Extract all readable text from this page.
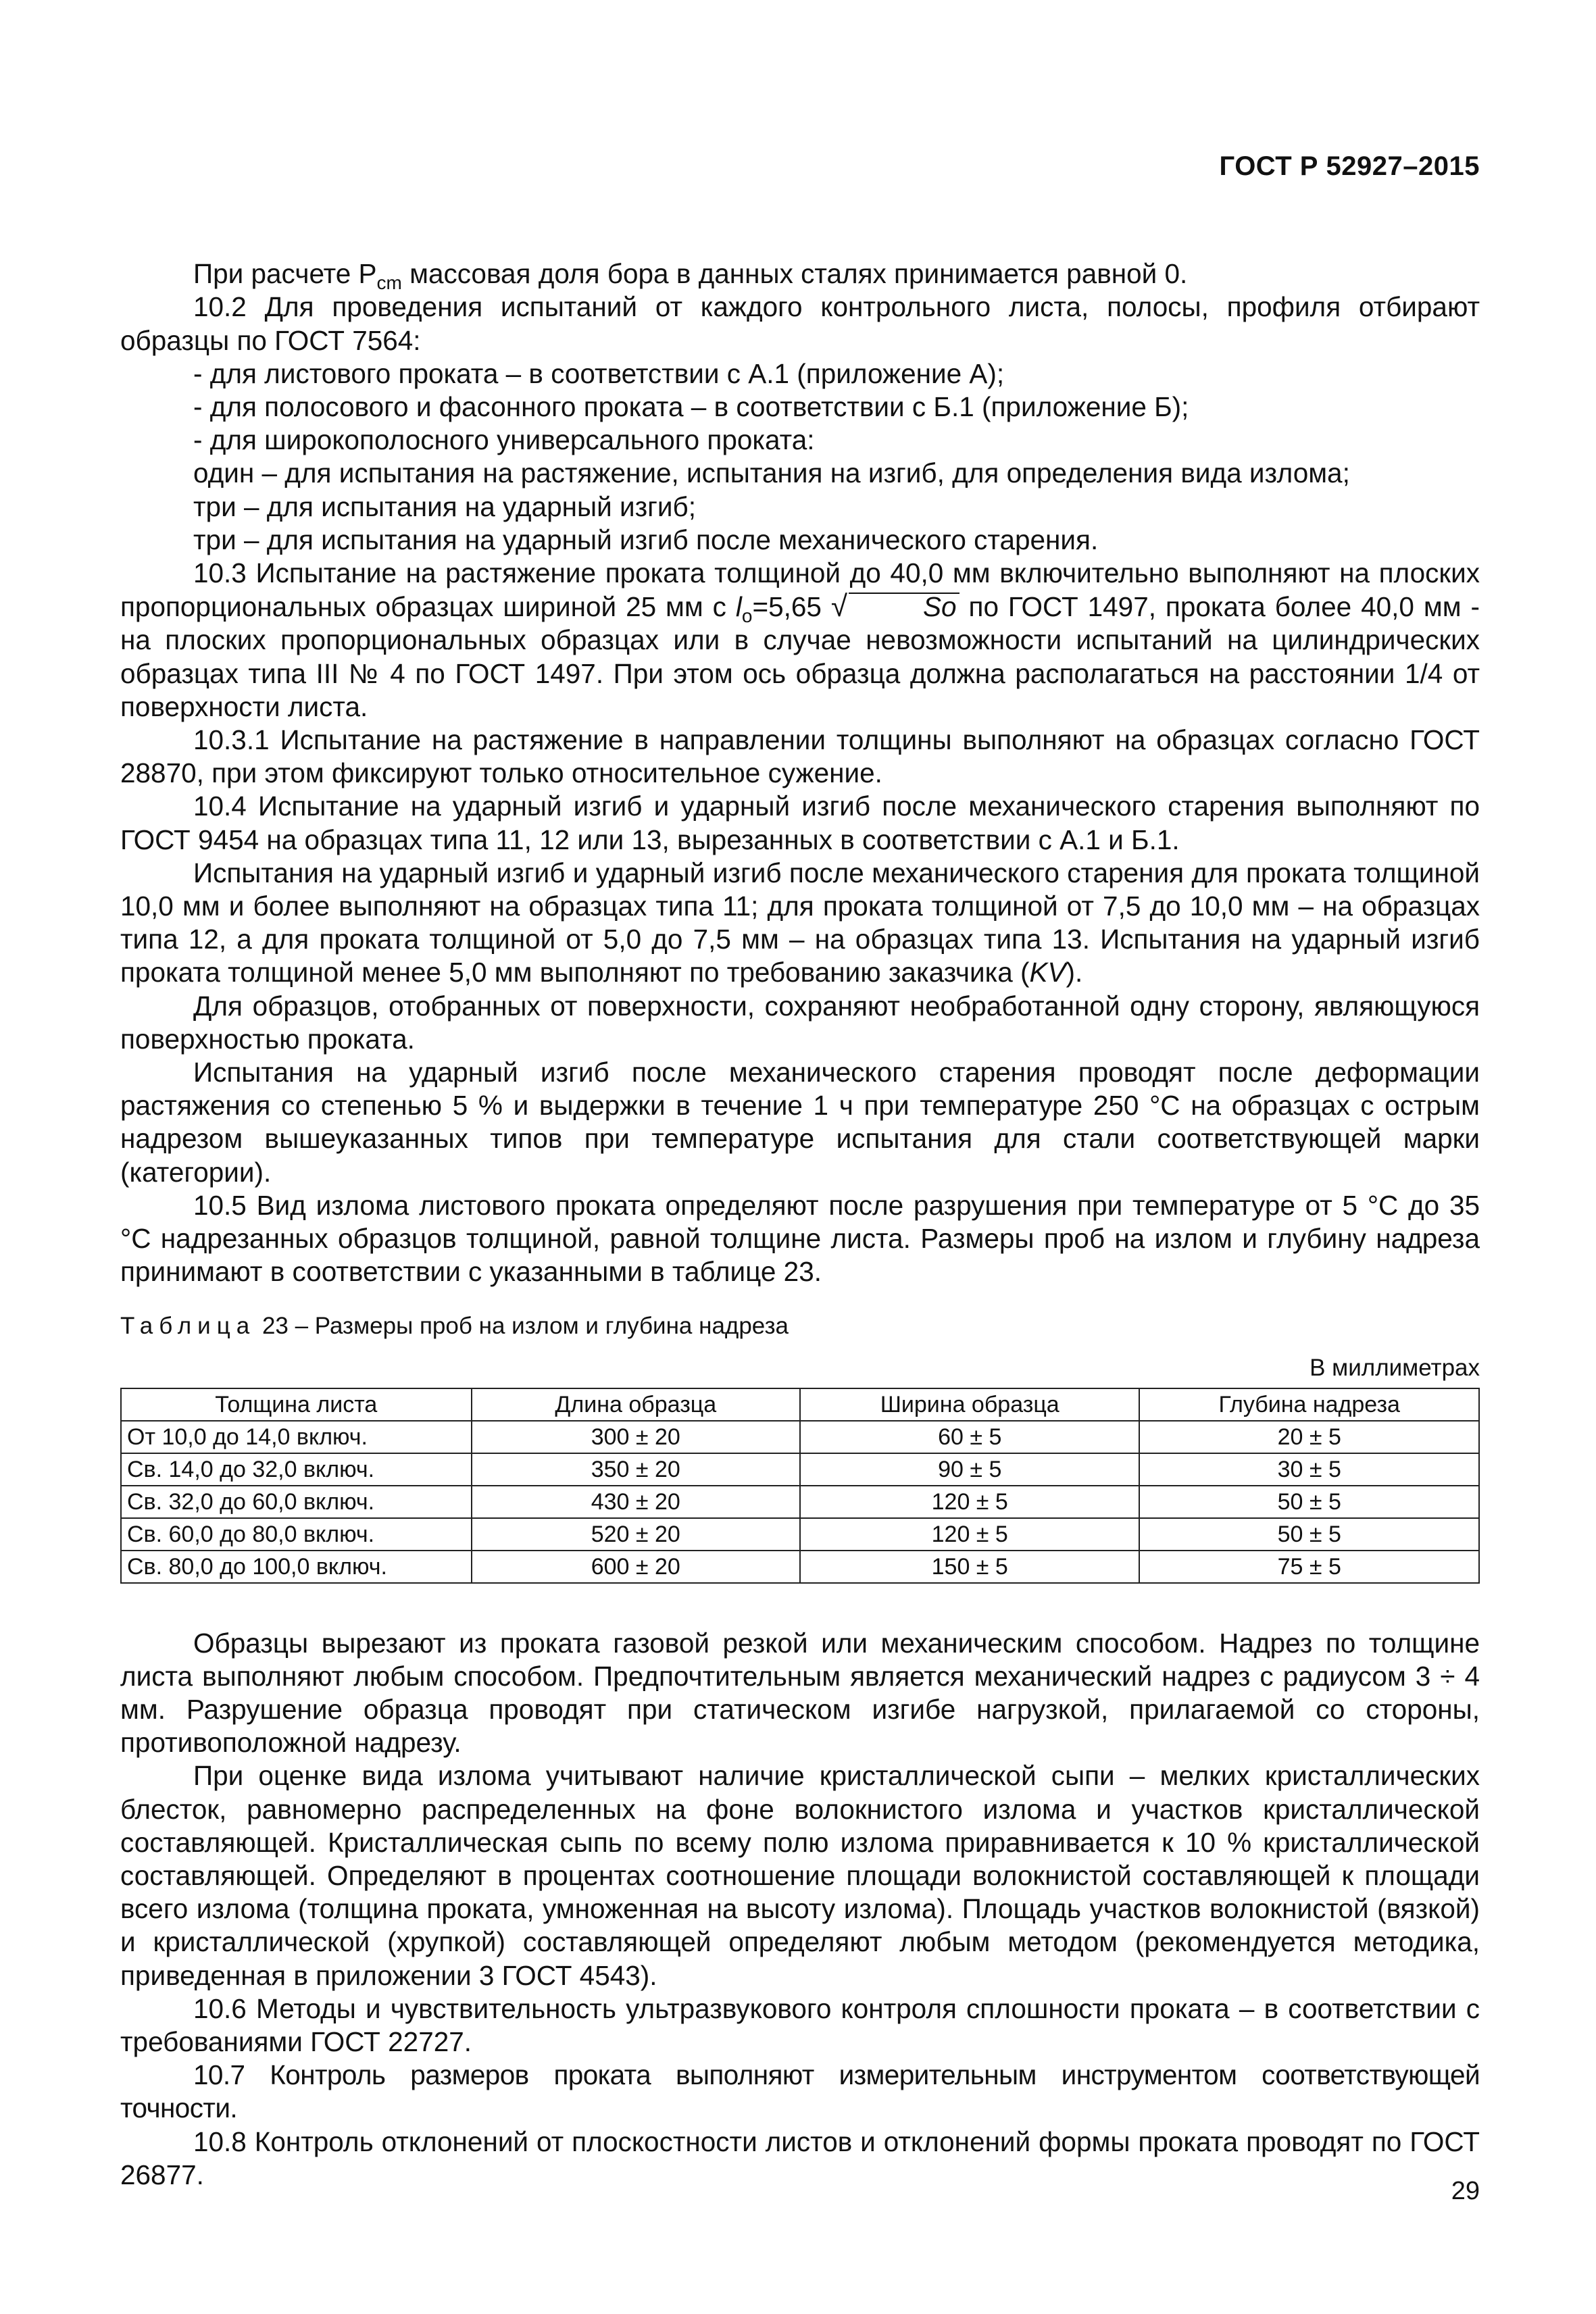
ГОСТ Р 52927–2015

При расчете $P_{cm}$ массовая доля бора в данных сталях принимается равной 0.

10.2 Для проведения испытаний от каждого контрольного листа, полосы, профиля отбирают образцы по ГОСТ 7564:

- для листового проката – в соответствии с А.1 (приложение А);

- для полосового и фасонного проката – в соответствии с Б.1 (приложение Б);

- для широкополосного универсального проката:

один – для испытания на растяжение, испытания на изгиб, для определения вида излома;

три – для испытания на ударный изгиб;

три – для испытания на ударный изгиб после механического старения.

10.3 Испытание на растяжение проката толщиной до 40,0 мм включительно выполняют на плоских пропорциональных образцах шириной 25 мм с $l_o=5,65$ √	So по ГОСТ 1497, проката более 40,0 мм - на плоских пропорциональных образцах или в случае невозможности испытаний на цилиндрических образцах типа III № 4 по ГОСТ 1497. При этом ось образца должна располагаться на расстоянии 1/4 от поверхности листа.

10.3.1 Испытание на растяжение в направлении толщины выполняют на образцах согласно ГОСТ 28870, при этом фиксируют только относительное сужение.

10.4 Испытание на ударный изгиб и ударный изгиб после механического старения выполняют по ГОСТ 9454 на образцах типа 11, 12 или 13, вырезанных в соответствии с А.1 и Б.1.

Испытания на ударный изгиб и ударный изгиб после механического старения для проката толщиной 10,0 мм и более выполняют на образцах типа 11; для проката толщиной от 7,5 до 10,0 мм – на образцах типа 12, а для проката толщиной от 5,0 до 7,5 мм – на образцах типа 13. Испытания на ударный изгиб проката толщиной менее 5,0 мм выполняют по требованию заказчика (KV).

Для образцов, отобранных от поверхности, сохраняют необработанной одну сторону, являющуюся поверхностью проката.

Испытания на ударный изгиб после механического старения проводят после деформации растяжения со степенью 5 % и выдержки в течение 1 ч при температуре 250 °С на образцах с острым надрезом вышеуказанных типов при температуре испытания для стали соответствующей марки (категории).

10.5 Вид излома листового проката определяют после разрушения при температуре от 5 °С до 35 °С надрезанных образцов толщиной, равной толщине листа. Размеры проб на излом и глубину надреза принимают в соответствии с указанными в таблице 23.

Таблица 23 – Размеры проб на излом и глубина надреза
В миллиметрах
Толщина листа	Длина образца	Ширина образца	Глубина надреза
От 10,0 до 14,0 включ.	300 ± 20	60 ± 5	20 ± 5
Св. 14,0 до 32,0 включ.	350 ± 20	90 ± 5	30 ± 5
Св. 32,0 до 60,0 включ.	430 ± 20	120 ± 5	50 ± 5
Св. 60,0 до 80,0 включ.	520 ± 20	120 ± 5	50 ± 5
Св. 80,0 до 100,0 включ.	600 ± 20	150 ± 5	75 ± 5

Образцы вырезают из проката газовой резкой или механическим способом. Надрез по толщине листа выполняют любым способом. Предпочтительным является механический надрез с радиусом 3 ÷ 4 мм. Разрушение образца проводят при статическом изгибе нагрузкой, прилагаемой со стороны, противоположной надрезу.

При оценке вида излома учитывают наличие кристаллической сыпи – мелких кристаллических блесток, равномерно распределенных на фоне волокнистого излома и участков кристаллической составляющей. Кристаллическая сыпь по всему полю излома приравнивается к 10 % кристаллической составляющей. Определяют в процентах соотношение площади волокнистой составляющей к площади всего излома (толщина проката, умноженная на высоту излома). Площадь участков волокнистой (вязкой) и кристаллической (хрупкой) составляющей определяют любым методом (рекомендуется методика, приведенная в приложении 3 ГОСТ 4543).

10.6 Методы и чувствительность ультразвукового контроля сплошности проката – в соответствии с требованиями ГОСТ 22727.

10.7 Контроль размеров проката выполняют измерительным инструментом соответствующей точности.

10.8 Контроль отклонений от плоскостности листов и отклонений формы проката проводят по ГОСТ 26877.

29
